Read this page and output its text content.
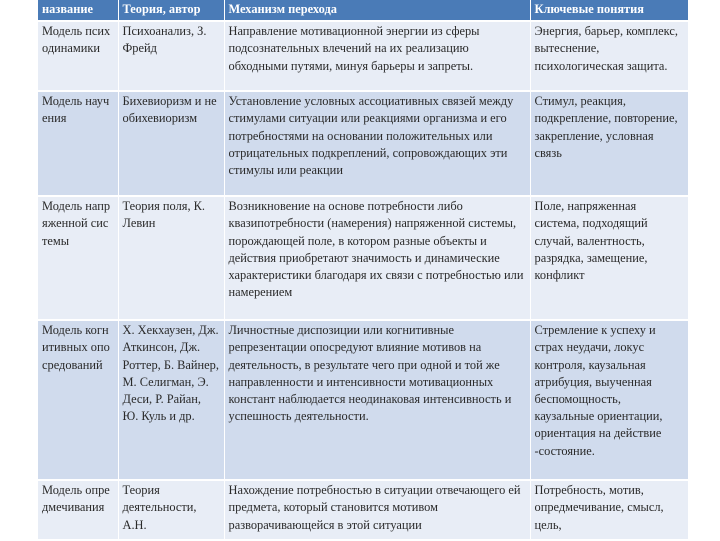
название	Теория, автор	Механизм перехода	Ключевые понятия
Модель психодинамики	Психоанализ, З. Фрейд	Направление мотивационной энергии из сферы подсознательных влечений на их реализацию обходными путями, минуя барьеры и запреты.	Энергия, барьер, комплекс, вытеснение, психологическая защита.
Модель научения	Бихевиоризм и необихевиоризм	Установление условных ассоциативных связей между стимулами ситуации или реакциями организма и его потребностями на основании положительных или отрицательных подкреплений, сопровождающих эти стимулы или реакции	Стимул, реакция, подкрепление, повторение, закрепление, условная связь
Модель напряженной системы	Теория поля, К. Левин	Возникновение на основе потребности либо квазипотребности (намерения) напряженной системы, порождающей поле, в котором разные объекты и действия приобретают значимость и динамические характеристики благодаря их связи с потребностью или намерением	Поле, напряженная система, подходящий случай, валентность, разрядка, замещение, конфликт
Модель когнитивных опосредований	Х. Хекхаузен, Дж. Аткинсон, Дж. Роттер, Б. Вайнер, М. Селигман, Э. Деси, Р. Райан, Ю. Куль и др.	Личностные диспозиции или когнитивные репрезентации опосредуют влияние мотивов на деятельность, в результате чего при одной и той же направленности и интенсивности мотивационных констант наблюдается неодинаковая интенсивность и успешность деятельности.	Стремление к успеху и страх неудачи, локус контроля, каузальная атрибуция, выученная беспомощность, каузальные ориентации, ориентация на действие -состояние.
Модель опредмечивания	Теория деятельности, А.Н.	Нахождение потребностью в ситуации отвечающего ей предмета, который становится мотивом разворачивающейся в этой ситуации	Потребность, мотив, опредмечивание, смысл, цель,
